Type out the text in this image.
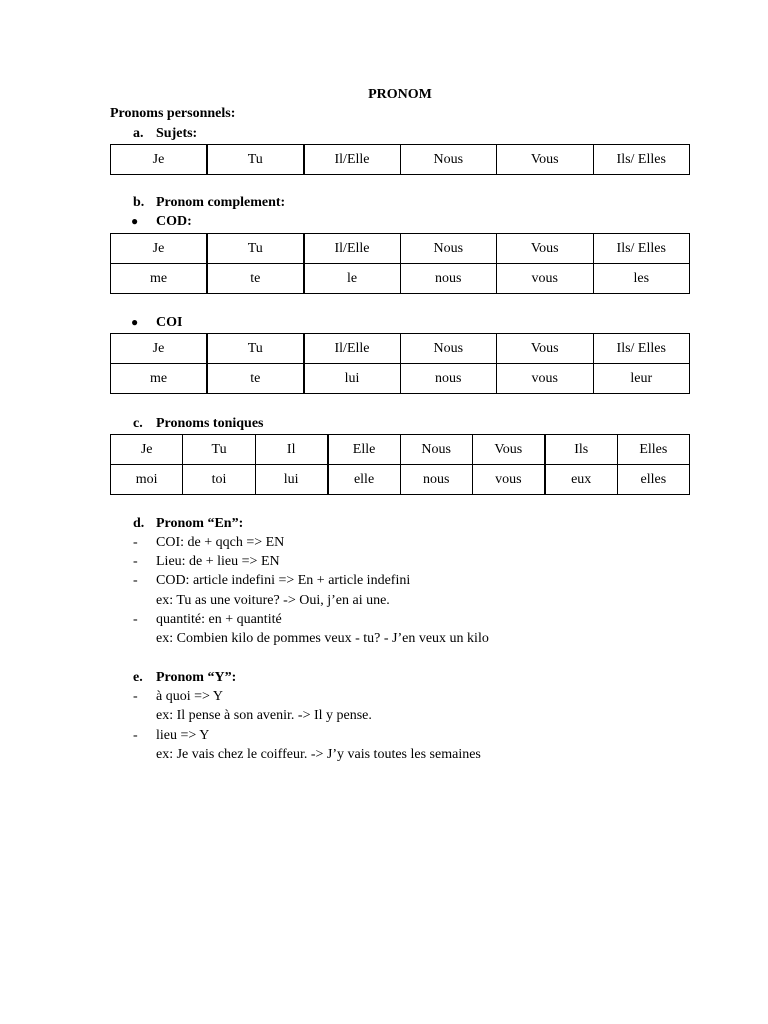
PRONOM
Pronoms personnels:
a. Sujets:
Je	Tu	Il/Elle	Nous	Vous	Ils/ Elles
b. Pronom complement:
● COD:
Je	Tu	Il/Elle	Nous	Vous	Ils/ Elles
me	te	le	nous	vous	les
● COI
Je	Tu	Il/Elle	Nous	Vous	Ils/ Elles
me	te	lui	nous	vous	leur
c. Pronoms toniques
Je	Tu	Il	Elle	Nous	Vous	Ils	Elles
moi	toi	lui	elle	nous	vous	eux	elles
d. Pronom “En”:
- COI: de + qqch => EN
- Lieu: de + lieu => EN
- COD: article indefini => En + article indefini
ex: Tu as une voiture? -> Oui, j’en ai une.
- quantité: en + quantité
ex: Combien kilo de pommes veux - tu? - J’en veux un kilo
e. Pronom “Y”:
- à quoi => Y
ex: Il pense à son avenir. -> Il y pense.
- lieu => Y
ex: Je vais chez le coiffeur. -> J’y vais toutes les semaines
